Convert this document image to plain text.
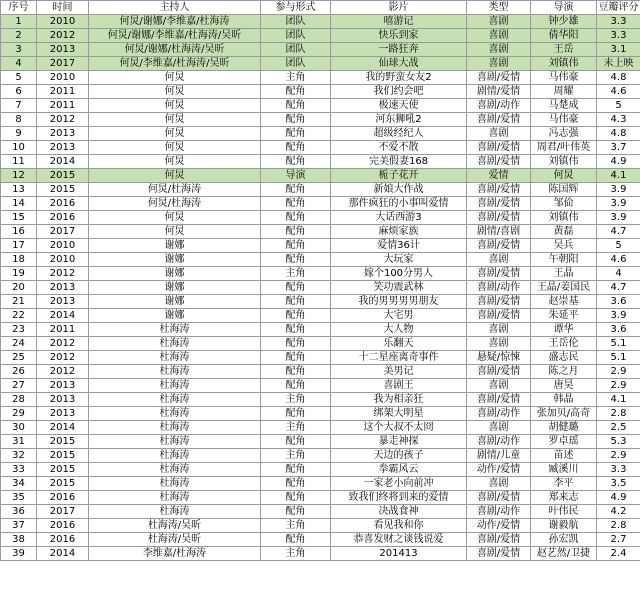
序号	时间	主持人	参与形式	影片	类型	导演	豆瓣评分
1	2010	何炅/谢娜/李维嘉/杜海涛	团队	嘻游记	喜剧	钟少雄	3.3
2	2012	何炅/谢娜/李维嘉/杜海涛/吴昕	团队	快乐到家	喜剧	倩华阳	3.3
3	2013	何炅/谢娜/杜海涛/吴昕	团队	一路狂奔	喜剧	王岳	3.1
4	2017	何炅/李维嘉/杜海涛/吴昕	团队	仙球大战	喜剧	刘镇伟	未上映
5	2010	何炅	主角	我的野蛮女友2	喜剧/爱情	马伟豪	4.8
6	2011	何炅	配角	我们约会吧	剧情/爱情	周耀	4.6
7	2011	何炅	配角	极速天使	喜剧/动作	马楚成	5
8	2012	何炅	配角	河东狮吼2	喜剧/爱情	马伟豪	4.3
9	2013	何炅	配角	超级经纪人	喜剧	冯志强	4.8
10	2013	何炅	配角	不爱不散	喜剧/爱情	周君/叶伟英	3.7
11	2014	何炅	配角	完美假妻168	喜剧/爱情	刘镇伟	4.9
12	2015	何炅	导演	栀子花开	爱情	何炅	4.1
13	2015	何炅/杜海涛	配角	新娘大作战	喜剧/爱情	陈国辉	3.9
14	2016	何炅/杜海涛	配角	那件疯狂的小事叫爱情	喜剧/爱情	邹佡	3.9
15	2016	何炅	配角	大话西游3	喜剧/爱情	刘镇伟	3.9
16	2017	何炅	配角	麻烦家族	剧情/喜剧	黄磊	4.7
17	2010	谢娜	配角	爱情36计	喜剧/爱情	吴兵	5
18	2010	谢娜	配角	大玩家	喜剧	午朝阳	4.6
19	2012	谢娜	主角	嫁个100分男人	喜剧/爱情	王晶	4
20	2013	谢娜	配角	笑功震武林	喜剧/动作	王晶/姜国民	4.7
21	2013	谢娜	配角	我的男男男男朋友	喜剧/爱情	赵崇基	3.6
22	2014	谢娜	配角	大宅男	喜剧/爱情	朱延平	3.9
23	2011	杜海涛	配角	大人物	喜剧	谭华	3.6
24	2012	杜海涛	配角	乐翻天	喜剧	王岳伦	5.1
25	2012	杜海涛	配角	十二星座离奇事件	悬疑/惊悚	盛志民	5.1
26	2012	杜海涛	配角	美男记	喜剧/爱情	陈之月	2.9
27	2013	杜海涛	配角	喜剧王	喜剧	唐昊	2.9
28	2013	杜海涛	主角	我为相亲狂	喜剧/爱情	韩晶	4.1
29	2013	杜海涛	配角	绑架大明星	喜剧/动作	张加贝/高奇	2.8
30	2014	杜海涛	主角	这个大叔不太冏	喜剧	胡健璐	2.5
31	2015	杜海涛	配角	暴走神探	喜剧/动作	罗卓瑶	5.3
32	2015	杜海涛	主角	天边的孩子	剧情/儿童	苗述	2.9
33	2015	杜海涛	配角	拳霸风云	动作/爱情	臧溪川	3.3
34	2015	杜海涛	配角	一家老小向前冲	喜剧	李平	3.5
35	2016	杜海涛	配角	致我们终将到来的爱情	喜剧/爱情	郑来志	4.9
36	2017	杜海涛	配角	决战食神	喜剧/动作	叶伟民	4.2
37	2016	杜海涛/吴昕	主角	看见我和你	动作/爱情	谢毅航	2.8
38	2016	杜海涛/吴昕	配角	恭喜发财之谈钱说爱	喜剧/爱情	孙宏凯	2.7
39	2014	李维嘉/杜海涛	主角	201413	喜剧/爱情	赵艺然/卫捷	2.4
